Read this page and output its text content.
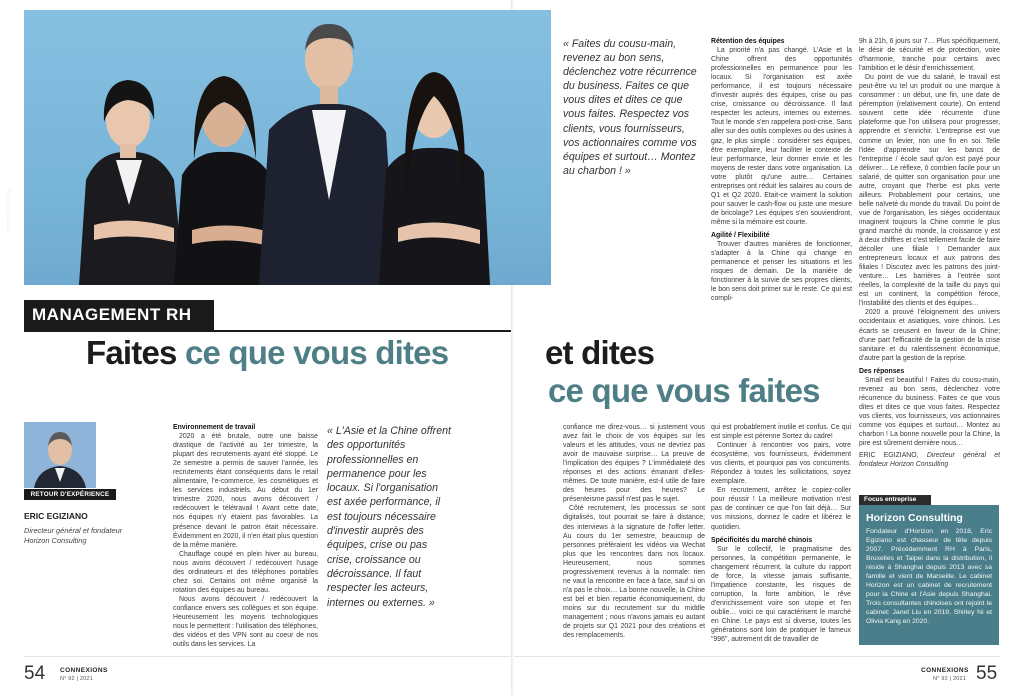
Horizon Consulting
« Faites du cousu-main, revenez au bon sens, déclenchez votre récurrence du business. Faites ce que vous dites et dites ce que vous faites. Respectez vos clients, vous fournisseurs, vos actionnaires comme vos équipes et surtout… Montez au charbon ! »
« L'Asie et la Chine offrent des opportunités professionnelles en permanence pour les locaux. Si l'organisation est axée performance, il est toujours nécessaire d'investir auprès des équipes, crise ou pas crise, croissance ou décroissance. Il faut respecter les acteurs, internes ou externes. »
MANAGEMENT RH
Faites ce que vous dites	et dites
ce que vous faites
RETOUR D'EXPÉRIENCE
ERIC EGIZIANO
Directeur général et fondateur Horizon Consulting
Environnement de travail

2020 a été brutale, outre une baisse drastique de l'activité au 1er trimestre, la plupart des recrutements ayant été stoppé. Le 2e semestre a permis de sauver l'année, les recrutements étant conséquents dans le retail alimentaire, l'e-commerce, les cosmétiques et les services industriels. Au début du 1er trimestre 2020, nous avons découvert / redécouvert le télétravail ! Avant cette date, nos équipes n'y étaient pas favorables. La présence devant le patron était nécessaire. Évidemment en 2020, il n'en était plus question de la même manière.

Chauffage coupé en plein hiver au bureau, nous avons découvert / redécouvert l'usage des ordinateurs et des téléphones portables chez soi. Certains ont même organisé la rotation des équipes au bureau.

Nous avons découvert / redécouvert la confiance envers ses collègues et son équipe. Heureusement les moyens technologiques nous le permettent : l'utilisation des téléphones, des vidéos et des VPN sont au coeur de nos outils dans les services. La

confiance me direz-vous… si justement vous avez fait le choix de vos équipes sur les valeurs et les attitudes, vous ne devriez pas avoir de mauvaise surprise… La preuve de l'implication des équipes ? L'immédiateté des réponses et des actions émanant d'elles-mêmes. De toute manière, est-il utile de faire des heures pour des heures? Le présenteisme passif n'est pas le sujet.

Côté recrutement, les processus se sont digitalisés, tout pourrait se faire à distance; des interviews à la signature de l'offer letter. Au cours du 1er semestre, beaucoup de personnes préféraient les vidéos via Wechat plus que les rencontres dans nos locaux. Heureusement, nous sommes progressivement revenus à la normale: rien ne vaut la rencontre en face à face, sauf si on n'a pas le choix… La bonne nouvelle, la Chine est bel et bien repartie économiquement, du moins sur du recrutement sur du middle management ; nous n'avons jamais eu autant de projets sur Q1 2021 pour des créations et des remplacements.

qui est probablement inutile et confus. Ce qui est simple est pérenne Sortez du cadre!

Continuer à rencontrer vos pairs, votre écosystème, vos fournisseurs, évidemment vos clients, et pourquoi pas vos concurrents. Répondez à toutes les sollicitations, soyez exemplaire.

En recrutement, arrêtez le copiez-coller pour réussir ! La meilleure motivation n'est pas de continuer ce que l'on fait déjà… Sur vos missions, donnez le cadre et libérez le quotidien.

Spécificités du marché chinois

Sur le collectif, le pragmatisme des personnes, la compétition permanente, le changement récurrent, la culture du rapport de force, la vitesse jamais suffisante, l'impatience constante, les risques de corruption, la forte ambition, le rêve d'enrichissement voire son utopie et l'en oublie… voici ce qui caractérisent le marché en Chine. Le pays est si diverse, toutes les générations sont loin de pratiquer le fameux "996", autrement dit de travailler de

Rétention des équipes

La priorité n'a pas changé. L'Asie et la Chine offrent des opportunités professionnelles en permanence pour les locaux. Si l'organisation est axée performance, il est toujours nécessaire d'investir auprès des équipes, crise ou pas crise, croissance ou décroissance. Il faut respecter les acteurs, internes ou externes. Tout le monde s'en rappelera post-crise. Sans aller sur des outils complexes ou des usines à gaz, le plus simple : considérer ses équipes, être exemplaire, leur faciliter le contexte de leur performance, leur donner envie et les moyens de rester dans votre organisation. La votre plutôt qu'une autre… Certaines entreprises ont réduit les salaires au cours de Q1 et Q2 2020. Etait-ce vraiment la solution pour sauver le cash-flow ou juste une mesure de bricolage? Les équipes s'en souviendront, même si la mémoire est courte.

Agilité / Flexibilité

Trouver d'autres manières de fonctionner, s'adapter à la Chine qui change en permanence et penser les situations et les risques de demain. De la manière de fonctionner à la survie de ses propres clients, le bon sens doit primer sur le reste. Ce qui est compli-

9h à 21h, 6 jours sur 7… Plus spécifiquement, le désir de sécurité et de protection, voire d'harmonie, tranche pour certains avec l'ambition et le désir d'enrichissement.

Du point de vue du salarié, le travail est peut-être vu tel un produit ou une marque à consommer : un début, une fin, une date de péremption (relativement courte). On entend souvent cette idée récurrente d'une plateforme que l'on utilisera pour progresser, apprendre et s'enrichir. L'entreprise est vue comme un levier, non une fin en soi. Telle l'idée d'apprendre sur les bancs de l'entreprise / école sauf qu'on est payé pour délivrer… Le réflexe, ô combien facile pour un salarié, de quitter son organisation pour une autre, croyant que l'herbe est plus verte ailleurs. Probablement pour certains, une belle naïveté du monde du travail. Du point de vue de l'organisation, les sièges occidentaux imaginent toujours la Chine comme le plus grand marché du monde, la croissance y est à deux chiffres et c'est tellement facile de faire décoller une filiale ! Demander aux entrepreneurs locaux et aux patrons des filiales ! Discutez avec les patrons des joint-venture… Les barrières à l'entrée sont réelles, la complexité de la taille du pays qui est un continent, la compétition féroce, l'instabilité des clients et des équipes…

2020 a prouvé l'éloignement des univers occidentaux et asiatiques, voire chinois. Les écarts se creusent en faveur de la Chine; d'une part l'efficacité de la gestion de la crise sanitaire et du ralentissement économique, d'autre part la gestion de la reprise.

Des réponses

Small est beautiful ! Faites du cousu-main, revenez au bon sens, déclenchez votre récurrence du business. Faites ce que vous dites et dites ce que vous faites. Respectez vos clients, vos fournisseurs, vos actionnaires comme vos équipes et surtout… Montez au charbon ! La bonne nouvelle pour la Chine, la pire est sûrement dernière nous…

ERIC EGIZIANO, Directeur général et fondateur Horizon Consulting

Focus entreprise
Horizon Consulting
Fondateur d'Horizon en 2018, Eric Egiziano est chasseur de tête depuis 2007. Précédemment RH à Paris, Bruxelles et Taipei dans la distribution, il réside à Shanghai depuis 2013 avec sa famille et vient de Marseille. Le cabinet Horizon est un cabinet de recrutement pour la Chine et l'Asie depuis Shanghai. Trois consultantes chinoises ont rejoint le cabinet: Janet Liu en 2019, Shirley Ni et Olivia Kang en 2020.
54 CONNEXIONS
N° 92 | 2021
CONNEXIONS
N° 92 | 2021 55
